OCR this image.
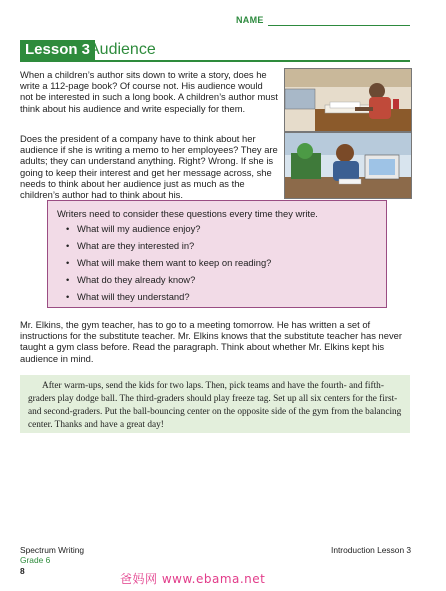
NAME
Lesson 3
Audience
When a children’s author sits down to write a story, does he write a 112-page book? Of course not. His audience would not be interested in such a long book. A children’s author must think about his audience and write especially for them.
Does the president of a company have to think about her audience if she is writing a memo to her employees? They are adults; they can understand anything. Right? Wrong. If she is going to keep their interest and get her message across, she needs to think about her audience just as much as the children’s author had to think about his.
Writers need to consider these questions every time they write.
• What will my audience enjoy?
• What are they interested in?
• What will make them want to keep on reading?
• What do they already know?
• What will they understand?
Mr. Elkins, the gym teacher, has to go to a meeting tomorrow. He has written a set of instructions for the substitute teacher. Mr. Elkins knows that the substitute teacher has never taught a gym class before. Read the paragraph. Think about whether Mr. Elkins kept his audience in mind.
After warm-ups, send the kids for two laps. Then, pick teams and have the fourth- and fifth-graders play dodge ball. The third-graders should play freeze tag. Set up all six centers for the first- and second-graders. Put the ball-bouncing center on the opposite side of the gym from the balancing center. Thanks and have a great day!
Spectrum Writing
Grade 6
8
Introduction Lesson 3
爸妈网 www.ebama.net
